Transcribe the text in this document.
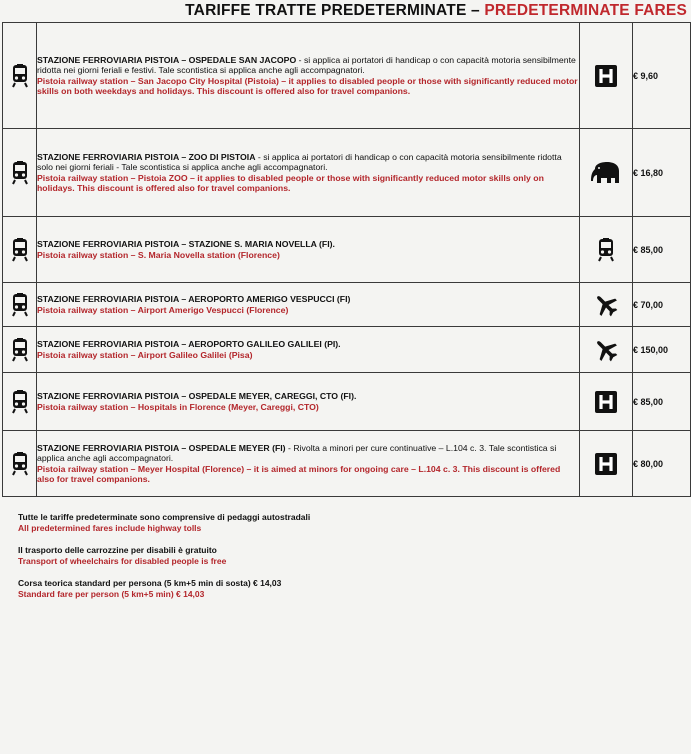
TARIFFE TRATTE PREDETERMINATE – PREDETERMINATE FARES

STAZIONE FERROVIARIA PISTOIA – OSPEDALE SAN JACOPO - si applica ai portatori di handicap o con capacità motoria sensibilmente ridotta nei giorni feriali e festivi. Tale scontistica si applica anche agli accompagnatori.
Pistoia railway station – San Jacopo City Hospital (Pistoia) – it applies to disabled people or those with significantly reduced motor skills on both weekdays and holidays. This discount is offered also for travel companions.		€ 9,60

STAZIONE FERROVIARIA PISTOIA – ZOO DI PISTOIA - si applica ai portatori di handicap o con capacità motoria sensibilmente ridotta solo nei giorni feriali - Tale scontistica si applica anche agli accompagnatori.
Pistoia railway station – Pistoia ZOO – it applies to disabled people or those with significantly reduced motor skills only on holidays. This discount is offered also for travel companions.		€ 16,80

STAZIONE FERROVIARIA PISTOIA – STAZIONE S. MARIA NOVELLA (FI).
Pistoia railway station – S. Maria Novella station (Florence)		€ 85,00

STAZIONE FERROVIARIA PISTOIA – AEROPORTO AMERIGO VESPUCCI (FI)
Pistoia railway station – Airport Amerigo Vespucci (Florence)		€ 70,00

STAZIONE FERROVIARIA PISTOIA – AEROPORTO GALILEO GALILEI (PI).
Pistoia railway station – Airport Galileo Galilei (Pisa)		€ 150,00

STAZIONE FERROVIARIA PISTOIA – OSPEDALE MEYER, CAREGGI, CTO (FI).
Pistoia railway station – Hospitals in Florence (Meyer, Careggi, CTO)		€ 85,00

STAZIONE FERROVIARIA PISTOIA – OSPEDALE MEYER (FI) - Rivolta a minori per cure continuative – L.104 c. 3. Tale scontistica si applica anche agli accompagnatori.
Pistoia railway station – Meyer Hospital (Florence) – it is aimed at minors for ongoing care – L.104 c. 3. This discount is offered also for travel companions.		€ 80,00
Tutte le tariffe predeterminate sono comprensive di pedaggi autostradali
All predetermined fares include highway tolls
Il trasporto delle carrozzine per disabili è gratuito
Transport of wheelchairs for disabled people is free
Corsa teorica standard per persona (5 km+5 min di sosta) € 14,03
Standard fare per person (5 km+5 min) € 14,03
